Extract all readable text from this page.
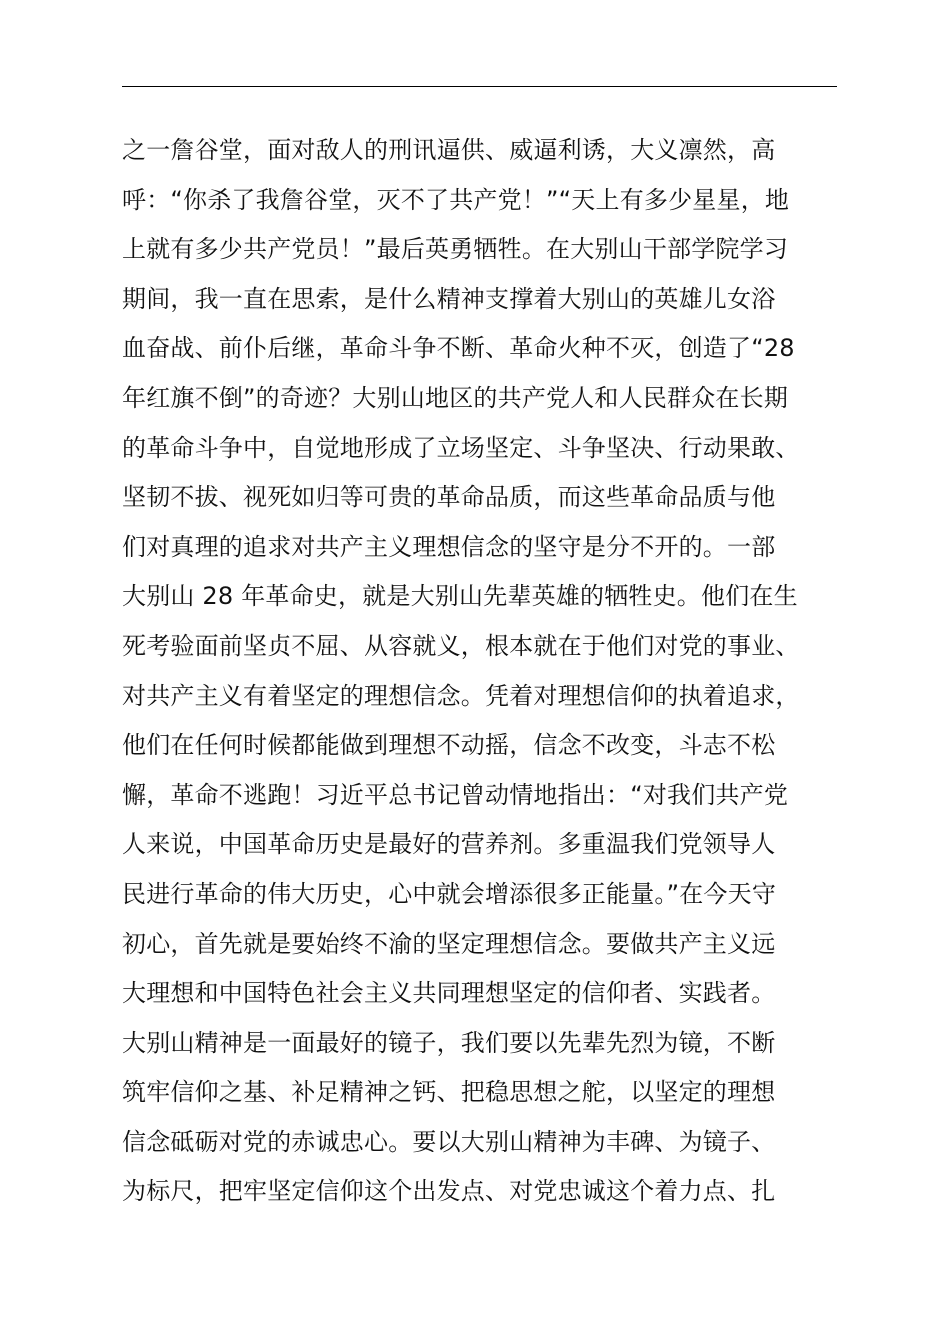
之一詹谷堂，面对敌人的刑讯逼供、威逼利诱，大义凛然，高
呼：“你杀了我詹谷堂，灭不了共产党！”“天上有多少星星，地
上就有多少共产党员！”最后英勇牺牲。在大别山干部学院学习
期间，我一直在思索，是什么精神支撑着大别山的英雄儿女浴
血奋战、前仆后继，革命斗争不断、革命火种不灭，创造了“28
年红旗不倒”的奇迹？大别山地区的共产党人和人民群众在长期
的革命斗争中，自觉地形成了立场坚定、斗争坚决、行动果敢、
坚韧不拔、视死如归等可贵的革命品质，而这些革命品质与他
们对真理的追求对共产主义理想信念的坚守是分不开的。一部
大别山 28 年革命史，就是大别山先辈英雄的牺牲史。他们在生
死考验面前坚贞不屈、从容就义，根本就在于他们对党的事业、
对共产主义有着坚定的理想信念。凭着对理想信仰的执着追求，
他们在任何时候都能做到理想不动摇，信念不改变，斗志不松
懈，革命不逃跑！习近平总书记曾动情地指出：“对我们共产党
人来说，中国革命历史是最好的营养剂。多重温我们党领导人
民进行革命的伟大历史，心中就会增添很多正能量。”在今天守
初心，首先就是要始终不渝的坚定理想信念。要做共产主义远
大理想和中国特色社会主义共同理想坚定的信仰者、实践者。
大别山精神是一面最好的镜子，我们要以先辈先烈为镜，不断
筑牢信仰之基、补足精神之钙、把稳思想之舵，以坚定的理想
信念砥砺对党的赤诚忠心。要以大别山精神为丰碑、为镜子、
为标尺，把牢坚定信仰这个出发点、对党忠诚这个着力点、扎
